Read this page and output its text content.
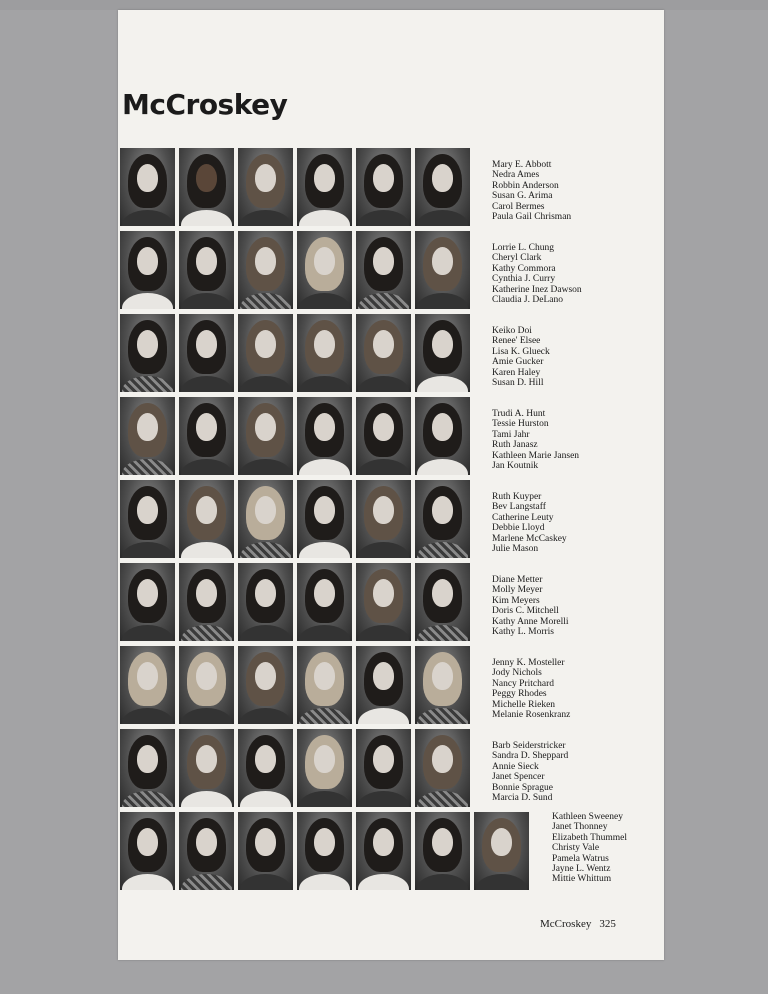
McCroskey
Mary E. Abbott
Nedra Ames
Robbin Anderson
Susan G. Arima
Carol Bermes
Paula Gail Chrisman
Lorrie L. Chung
Cheryl Clark
Kathy Commora
Cynthia J. Curry
Katherine Inez Dawson
Claudia J. DeLano
Keiko Doi
Renee' Elsee
Lisa K. Glueck
Amie Gucker
Karen Haley
Susan D. Hill
Trudi A. Hunt
Tessie Hurston
Tami Jahr
Ruth Janasz
Kathleen Marie Jansen
Jan Koutnik
Ruth Kuyper
Bev Langstaff
Catherine Leuty
Debbie Lloyd
Marlene McCaskey
Julie Mason
Diane Metter
Molly Meyer
Kim Meyers
Doris C. Mitchell
Kathy Anne Morelli
Kathy L. Morris
Jenny K. Mosteller
Jody Nichols
Nancy Pritchard
Peggy Rhodes
Michelle Rieken
Melanie Rosenkranz
Barb Seiderstricker
Sandra D. Sheppard
Annie Sieck
Janet Spencer
Bonnie Sprague
Marcia D. Sund
Kathleen Sweeney
Janet Thonney
Elizabeth Thummel
Christy Vale
Pamela Watrus
Jayne L. Wentz
Mittie Whittum
McCroskey 325
